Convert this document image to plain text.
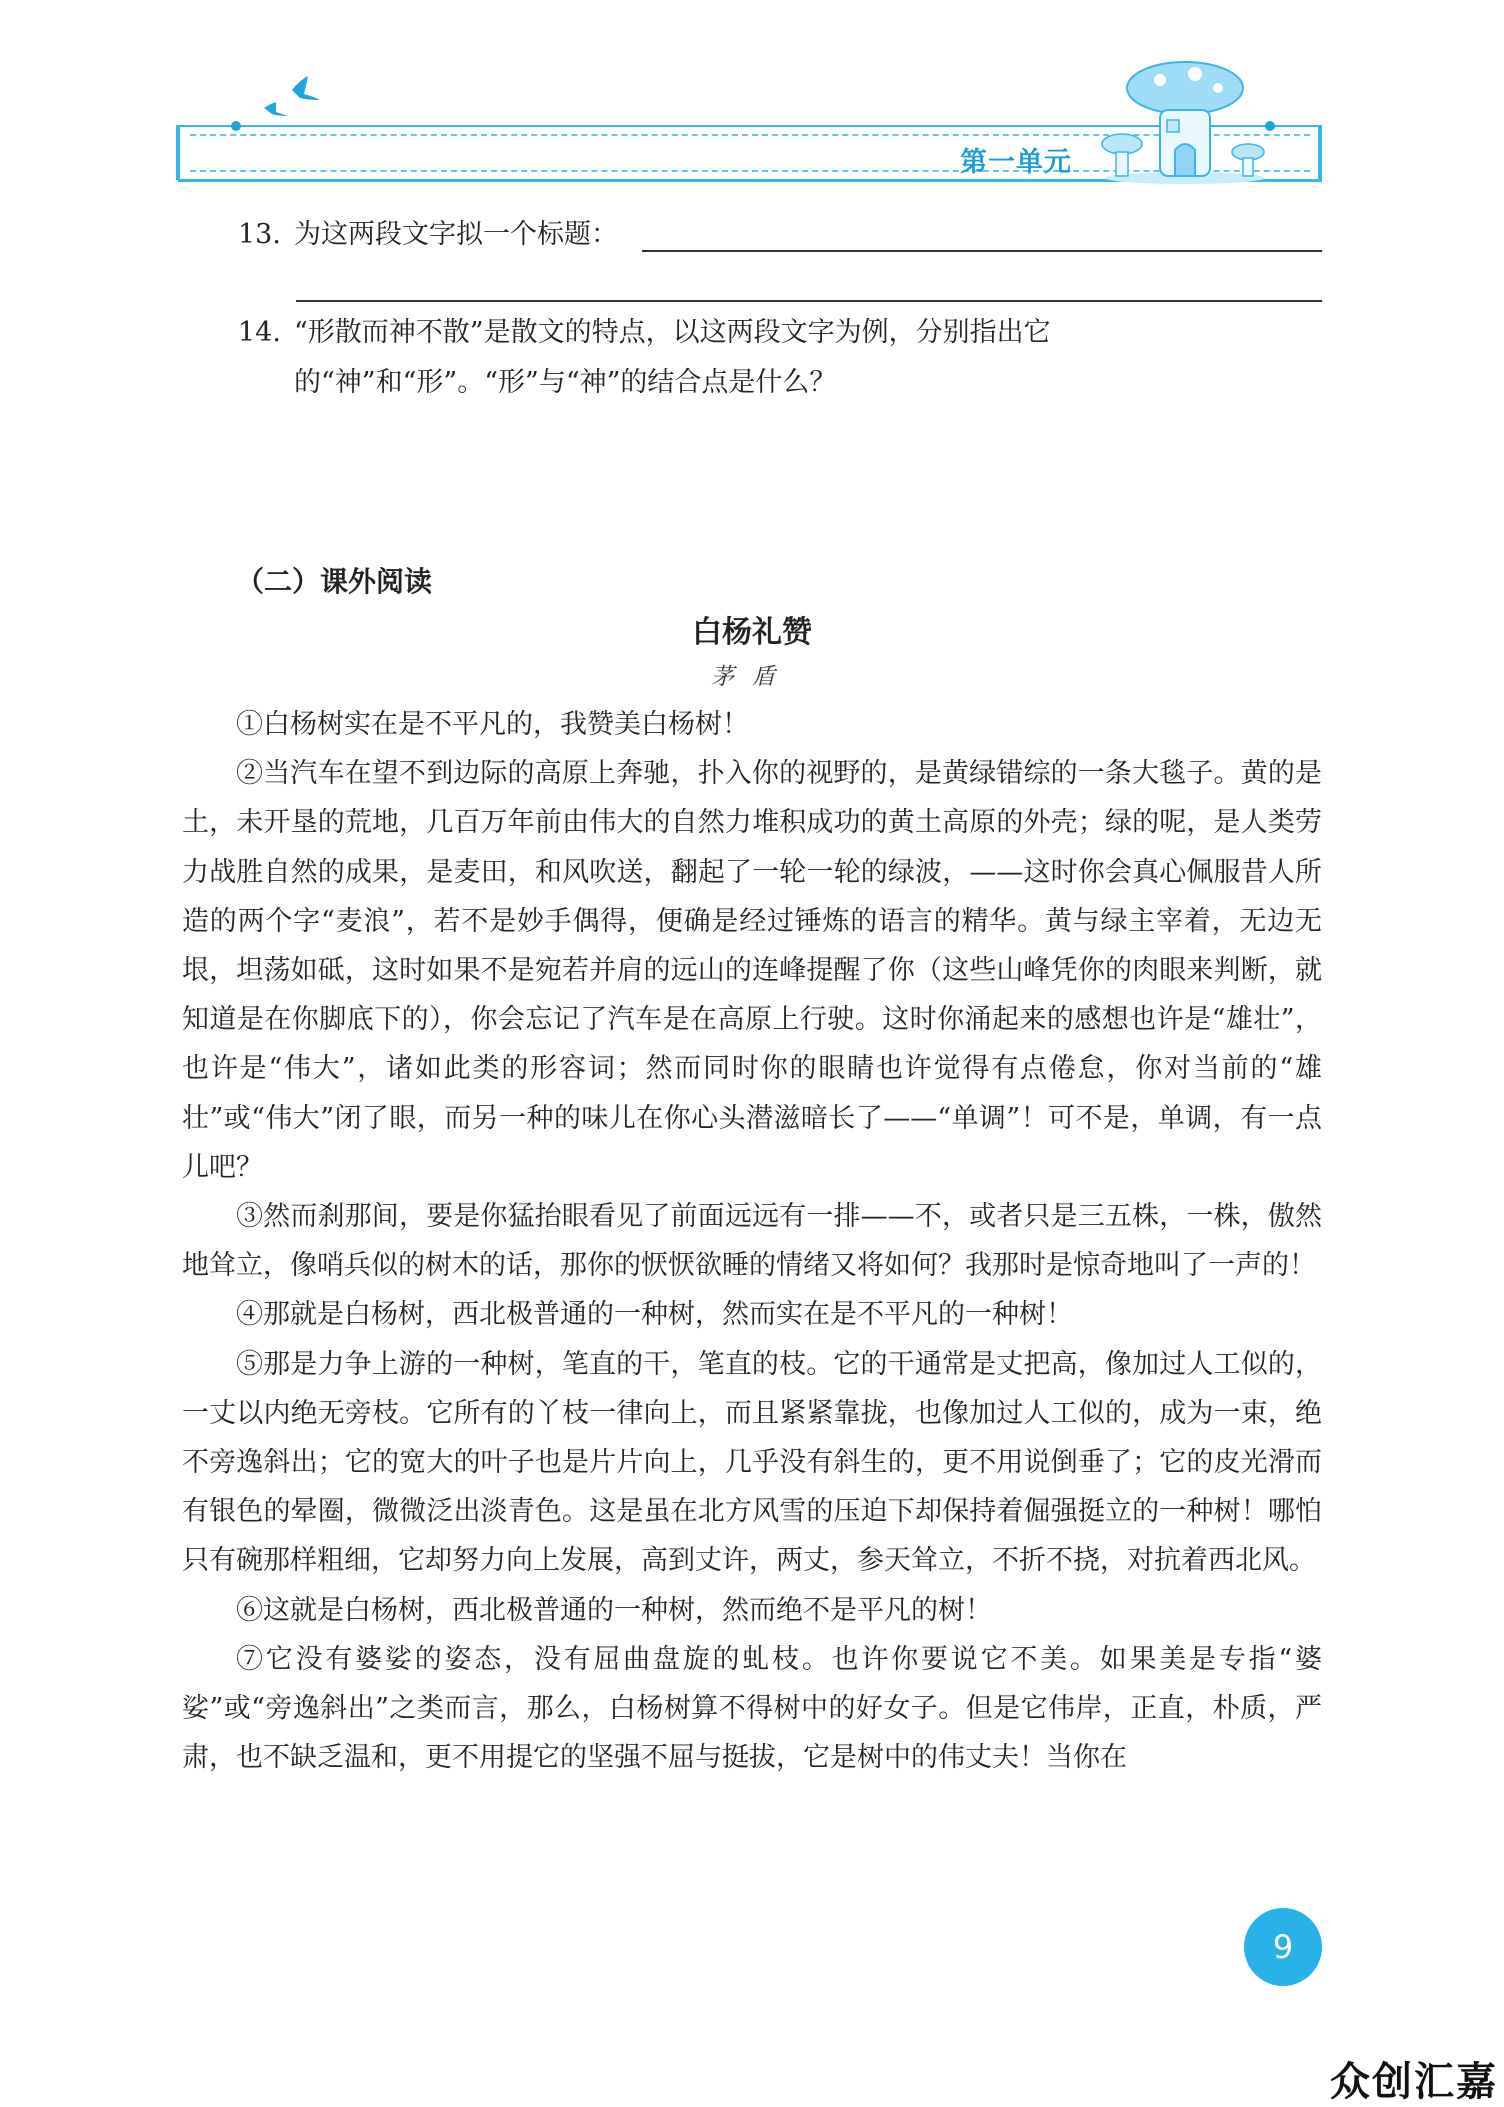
第一单元
13. 为这两段文字拟一个标题：
14. “形散而神不散”是散文的特点，以这两段文字为例，分别指出它的“神”和“形”。“形”与“神”的结合点是什么？
（二）课外阅读
白杨礼赞
茅盾

①白杨树实在是不平凡的，我赞美白杨树！

②当汽车在望不到边际的高原上奔驰，扑入你的视野的，是黄绿错综的一条大毯子。黄的是土，未开垦的荒地，几百万年前由伟大的自然力堆积成功的黄土高原的外壳；绿的呢，是人类劳力战胜自然的成果，是麦田，和风吹送，翻起了一轮一轮的绿波，——这时你会真心佩服昔人所造的两个字“麦浪”，若不是妙手偶得，便确是经过锤炼的语言的精华。黄与绿主宰着，无边无垠，坦荡如砥，这时如果不是宛若并肩的远山的连峰提醒了你（这些山峰凭你的肉眼来判断，就知道是在你脚底下的），你会忘记了汽车是在高原上行驶。这时你涌起来的感想也许是“雄壮”，也许是“伟大”，诸如此类的形容词；然而同时你的眼睛也许觉得有点倦怠，你对当前的“雄壮”或“伟大”闭了眼，而另一种的味儿在你心头潜滋暗长了——“单调”！可不是，单调，有一点儿吧？

③然而刹那间，要是你猛抬眼看见了前面远远有一排——不，或者只是三五株，一株，傲然地耸立，像哨兵似的树木的话，那你的恹恹欲睡的情绪又将如何？我那时是惊奇地叫了一声的！

④那就是白杨树，西北极普通的一种树，然而实在是不平凡的一种树！

⑤那是力争上游的一种树，笔直的干，笔直的枝。它的干通常是丈把高，像加过人工似的，一丈以内绝无旁枝。它所有的丫枝一律向上，而且紧紧靠拢，也像加过人工似的，成为一束，绝不旁逸斜出；它的宽大的叶子也是片片向上，几乎没有斜生的，更不用说倒垂了；它的皮光滑而有银色的晕圈，微微泛出淡青色。这是虽在北方风雪的压迫下却保持着倔强挺立的一种树！哪怕只有碗那样粗细，它却努力向上发展，高到丈许，两丈，参天耸立，不折不挠，对抗着西北风。

⑥这就是白杨树，西北极普通的一种树，然而绝不是平凡的树！

⑦它没有婆娑的姿态，没有屈曲盘旋的虬枝。也许你要说它不美。如果美是专指“婆娑”或“旁逸斜出”之类而言，那么，白杨树算不得树中的好女子。但是它伟岸，正直，朴质，严肃，也不缺乏温和，更不用提它的坚强不屈与挺拔，它是树中的伟丈夫！当你在

9
众创汇嘉
